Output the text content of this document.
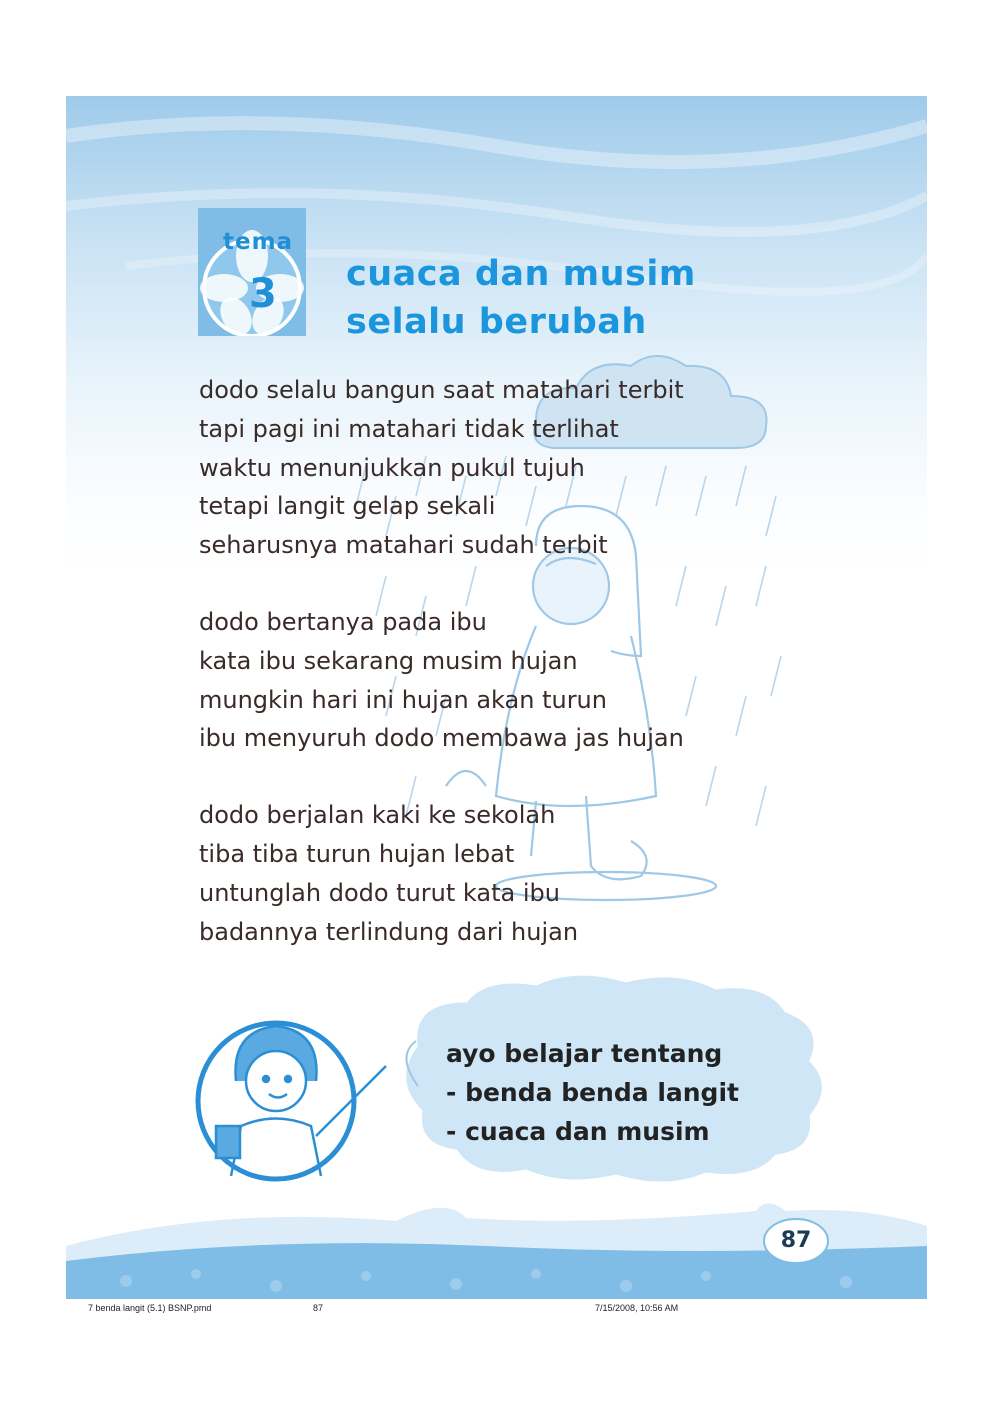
tema
3 cuaca dan musim
selalu berubah
dodo selalu bangun saat matahari terbit
tapi pagi ini matahari tidak terlihat
waktu menunjukkan pukul tujuh
tetapi langit gelap sekali
seharusnya matahari sudah terbit
dodo bertanya pada ibu
kata ibu sekarang musim hujan
mungkin hari ini hujan akan turun
ibu menyuruh dodo membawa jas hujan
dodo berjalan kaki ke sekolah
tiba tiba turun hujan lebat
untunglah dodo turut kata ibu
badannya terlindung dari hujan
ayo belajar tentang
- benda benda langit
- cuaca dan musim
87
7 benda langit (5.1) BSNP.pmd	87	7/15/2008, 10:56 AM
